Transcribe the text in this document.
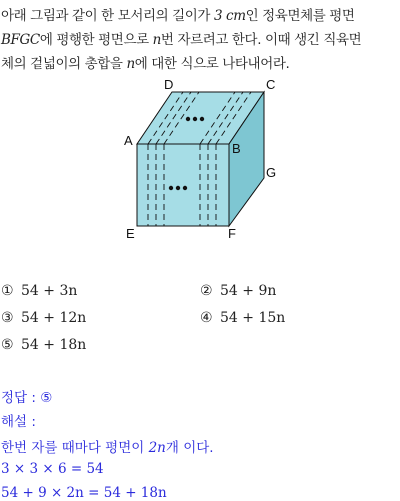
아래 그림과 같이 한 모서리의 길이가 3 cm인 정육면체를 평면
BFGC에 평행한 평면으로 n번 자르려고 한다. 이때 생긴 직육면
체의 겉넓이의 총합을 n에 대한 식으로 나타내어라.
D	C
A
B
G
E	F
① 54 + 3n	② 54 + 9n
③ 54 + 12n	④ 54 + 15n
⑤ 54 + 18n
정답 : ⑤
해설 :
한번 자를 때마다 평면이 2n개 이다.
3 × 3 × 6 = 54
54 + 9 × 2n = 54 + 18n
